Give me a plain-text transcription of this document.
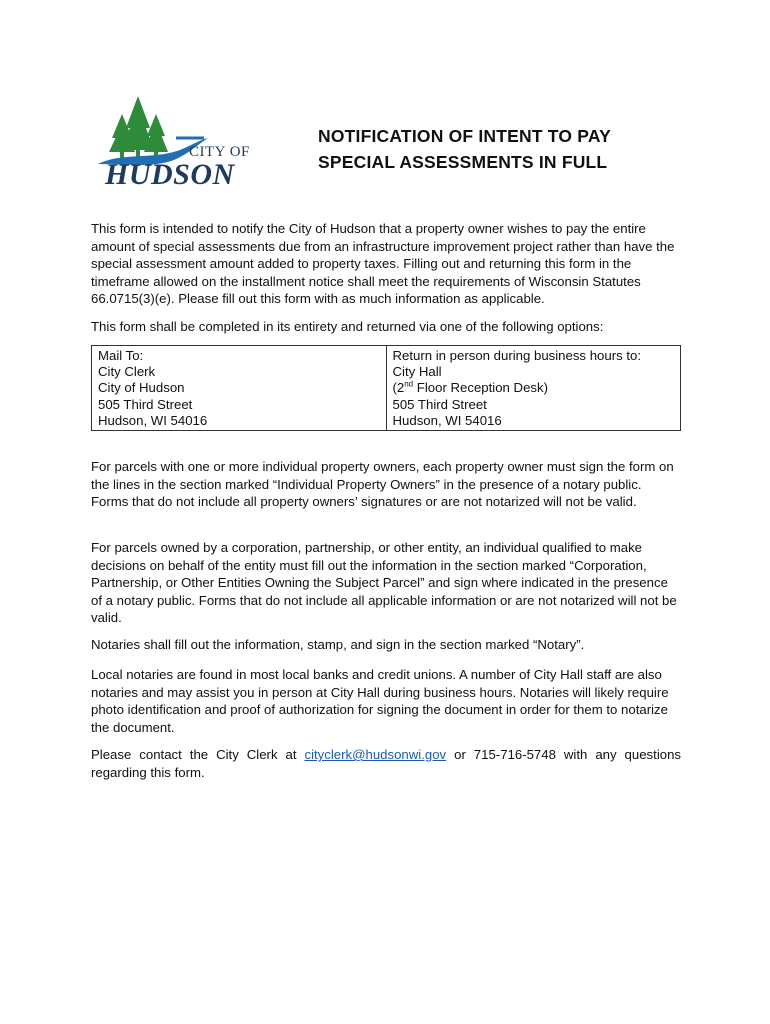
CITY OF
HUDSON
NOTIFICATION OF INTENT TO PAY
SPECIAL ASSESSMENTS IN FULL

This form is intended to notify the City of Hudson that a property owner wishes to pay the entire amount of special assessments due from an infrastructure improvement project rather than have the special assessment amount added to property taxes. Filling out and returning this form in the timeframe allowed on the installment notice shall meet the requirements of Wisconsin Statutes 66.0715(3)(e). Please fill out this form with as much information as applicable.

This form shall be completed in its entirety and returned via one of the following options:

Mail To:
City Clerk
City of Hudson
505 Third Street
Hudson, WI 54016

Return in person during business hours to:
City Hall
(2nd Floor Reception Desk)
505 Third Street
Hudson, WI 54016

For parcels with one or more individual property owners, each property owner must sign the form on the lines in the section marked “Individual Property Owners” in the presence of a notary public. Forms that do not include all property owners’ signatures or are not notarized will not be valid.

For parcels owned by a corporation, partnership, or other entity, an individual qualified to make decisions on behalf of the entity must fill out the information in the section marked “Corporation, Partnership, or Other Entities Owning the Subject Parcel” and sign where indicated in the presence of a notary public. Forms that do not include all applicable information or are not notarized will not be valid.

Notaries shall fill out the information, stamp, and sign in the section marked “Notary”.

Local notaries are found in most local banks and credit unions. A number of City Hall staff are also notaries and may assist you in person at City Hall during business hours. Notaries will likely require photo identification and proof of authorization for signing the document in order for them to notarize the document.

Please contact the City Clerk at cityclerk@hudsonwi.gov or 715-716-5748 with any questions regarding this form.
